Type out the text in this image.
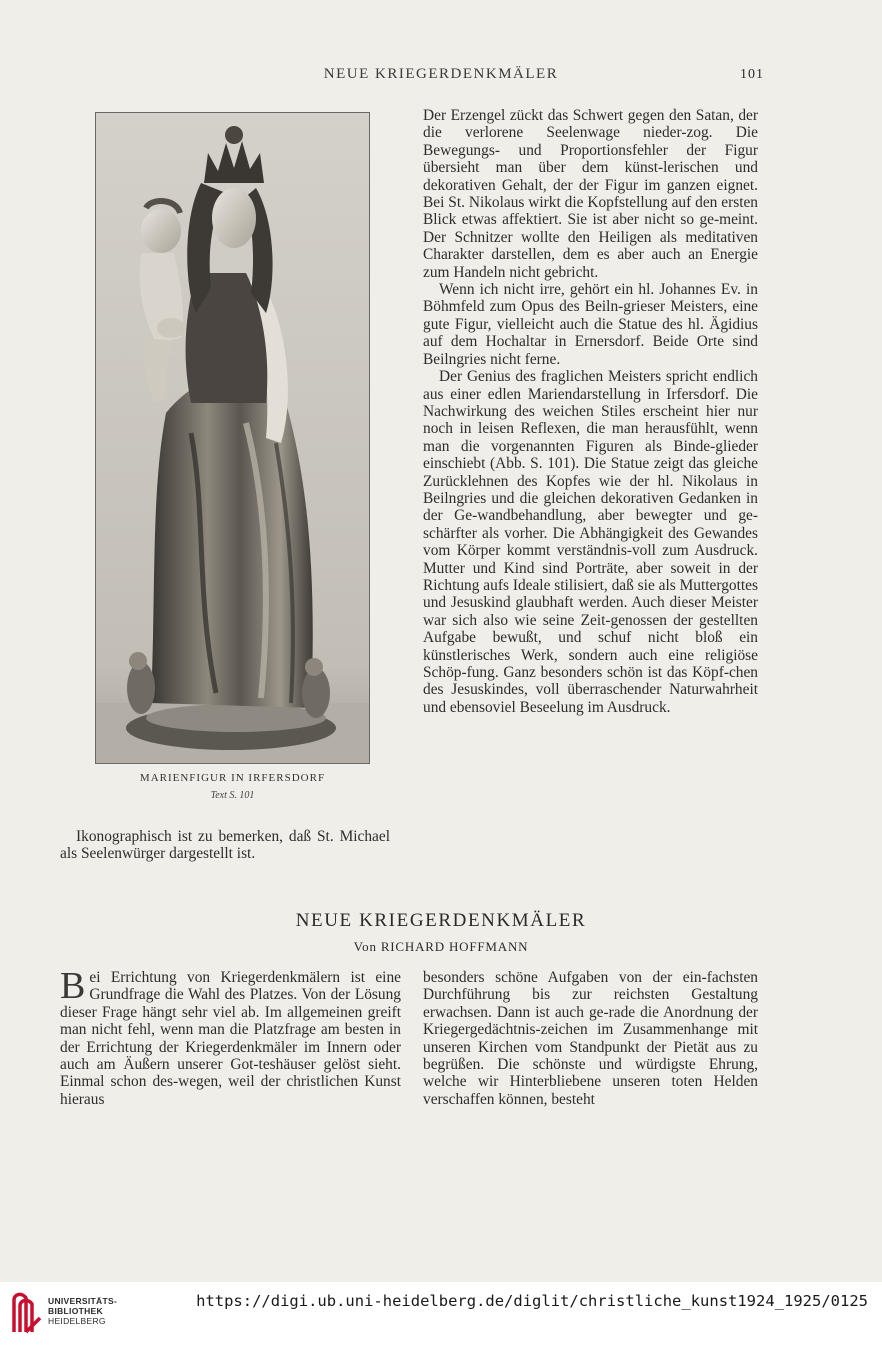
NEUE KRIEGERDENKMÄLER	101
MARIENFIGUR IN IRFERSDORF
Text S. 101

Der Erzengel zückt das Schwert gegen den Satan, der die verlorene Seelenwage nieder-zog. Die Bewegungs- und Proportionsfehler der Figur übersieht man über dem künst-lerischen und dekorativen Gehalt, der der Figur im ganzen eignet. Bei St. Nikolaus wirkt die Kopfstellung auf den ersten Blick etwas affektiert. Sie ist aber nicht so ge-meint. Der Schnitzer wollte den Heiligen als meditativen Charakter darstellen, dem es aber auch an Energie zum Handeln nicht gebricht.

Wenn ich nicht irre, gehört ein hl. Johannes Ev. in Böhmfeld zum Opus des Beiln-grieser Meisters, eine gute Figur, vielleicht auch die Statue des hl. Ägidius auf dem Hochaltar in Ernersdorf. Beide Orte sind Beilngries nicht ferne.

Der Genius des fraglichen Meisters spricht endlich aus einer edlen Mariendarstellung in Irfersdorf. Die Nachwirkung des weichen Stiles erscheint hier nur noch in leisen Reflexen, die man herausfühlt, wenn man die vorgenannten Figuren als Binde-glieder einschiebt (Abb. S. 101). Die Statue zeigt das gleiche Zurücklehnen des Kopfes wie der hl. Nikolaus in Beilngries und die gleichen dekorativen Gedanken in der Ge-wandbehandlung, aber bewegter und ge-schärfter als vorher. Die Abhängigkeit des Gewandes vom Körper kommt verständnis-voll zum Ausdruck. Mutter und Kind sind Porträte, aber soweit in der Richtung aufs Ideale stilisiert, daß sie als Muttergottes und Jesuskind glaubhaft werden. Auch dieser Meister war sich also wie seine Zeit-genossen der gestellten Aufgabe bewußt, und schuf nicht bloß ein künstlerisches Werk, sondern auch eine religiöse Schöp-fung. Ganz besonders schön ist das Köpf-chen des Jesuskindes, voll überraschender Naturwahrheit und ebensoviel Beseelung im Ausdruck.

Ikonographisch ist zu bemerken, daß St. Michael als Seelenwürger dargestellt ist.

NEUE KRIEGERDENKMÄLER
Von RICHARD HOFFMANN
B ei Errichtung von Kriegerdenkmälern ist eine Grundfrage die Wahl des Platzes. Von der Lösung dieser Frage hängt sehr viel ab. Im allgemeinen greift man nicht fehl, wenn man die Platzfrage am besten in der Errichtung der Kriegerdenkmäler im Innern oder auch am Äußern unserer Got-teshäuser gelöst sieht. Einmal schon des-wegen, weil der christlichen Kunst hieraus

besonders schöne Aufgaben von der ein-fachsten Durchführung bis zur reichsten Gestaltung erwachsen. Dann ist auch ge-rade die Anordnung der Kriegergedächtnis-zeichen im Zusammenhange mit unseren Kirchen vom Standpunkt der Pietät aus zu begrüßen. Die schönste und würdigste Ehrung, welche wir Hinterbliebene unseren toten Helden verschaffen können, besteht

UNIVERSITÄTS-
BIBLIOTHEK
HEIDELBERG
https://digi.ub.uni-heidelberg.de/diglit/christliche_kunst1924_1925/0125
